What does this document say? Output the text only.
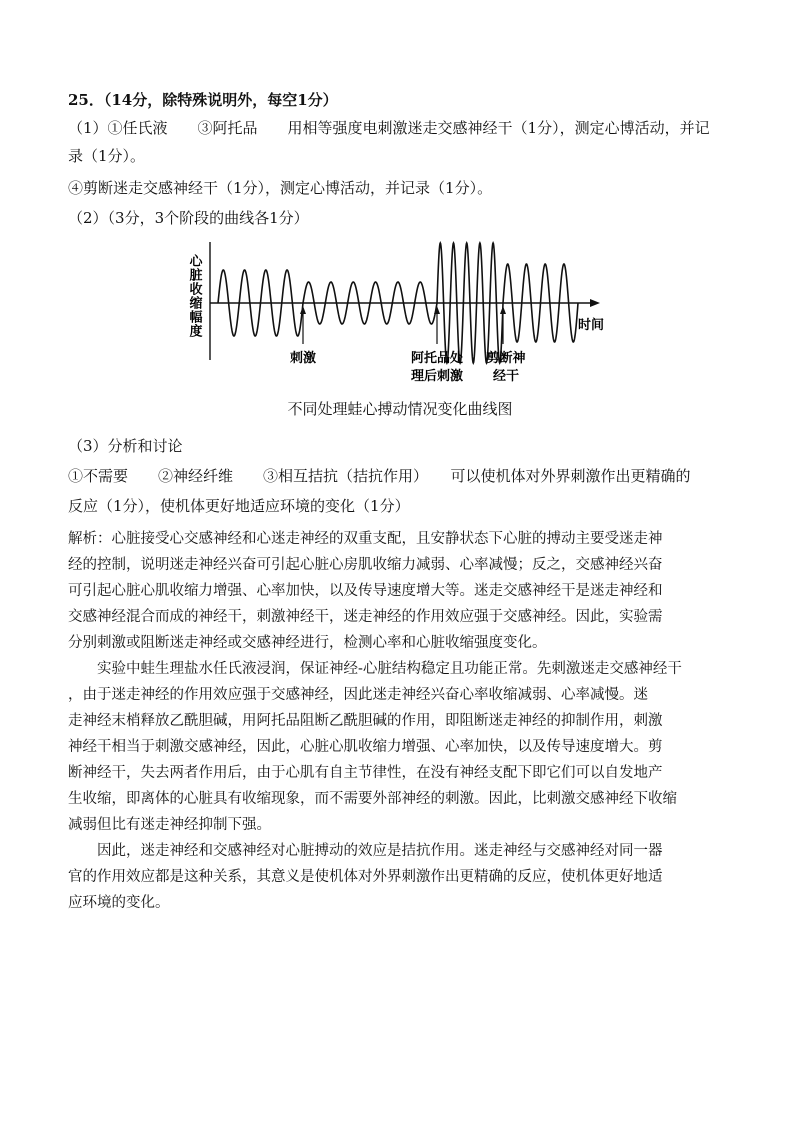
25．（14分，除特殊说明外，每空1分）
（1）①任氏液　　③阿托品　　用相等强度电刺激迷走交感神经干（1分），测定心博活动，并记
录（1分）。
④剪断迷走交感神经干（1分），测定心博活动，并记录（1分）。
（2）（3分，3个阶段的曲线各1分）
心脏收缩幅度	时间
刺激	阿托品处
理后刺激
剪断神
经干
不同处理蛙心搏动情况变化曲线图
（3）分析和讨论
①不需要　　②神经纤维　　③相互拮抗（拮抗作用）　　可以使机体对外界刺激作出更精确的
反应（1分），使机体更好地适应环境的变化（1分）
解析：心脏接受心交感神经和心迷走神经的双重支配，且安静状态下心脏的搏动主要受迷走神
经的控制，说明迷走神经兴奋可引起心脏心房肌收缩力减弱、心率减慢；反之，交感神经兴奋
可引起心脏心肌收缩力增强、心率加快，以及传导速度增大等。迷走交感神经干是迷走神经和
交感神经混合而成的神经干，刺激神经干，迷走神经的作用效应强于交感神经。因此，实验需
分别刺激或阻断迷走神经或交感神经进行，检测心率和心脏收缩强度变化。
　　实验中蛙生理盐水任氏液浸润，保证神经-心脏结构稳定且功能正常。先刺激迷走交感神经干
，由于迷走神经的作用效应强于交感神经，因此迷走神经兴奋心率收缩减弱、心率减慢。迷
走神经末梢释放乙酰胆碱，用阿托品阻断乙酰胆碱的作用，即阻断迷走神经的抑制作用，刺激
神经干相当于刺激交感神经，因此，心脏心肌收缩力增强、心率加快，以及传导速度增大。剪
断神经干，失去两者作用后，由于心肌有自主节律性，在没有神经支配下即它们可以自发地产
生收缩，即离体的心脏具有收缩现象，而不需要外部神经的刺激。因此，比刺激交感神经下收缩
减弱但比有迷走神经抑制下强。
　　因此，迷走神经和交感神经对心脏搏动的效应是拮抗作用。迷走神经与交感神经对同一器
官的作用效应都是这种关系，其意义是使机体对外界刺激作出更精确的反应，使机体更好地适
应环境的变化。
